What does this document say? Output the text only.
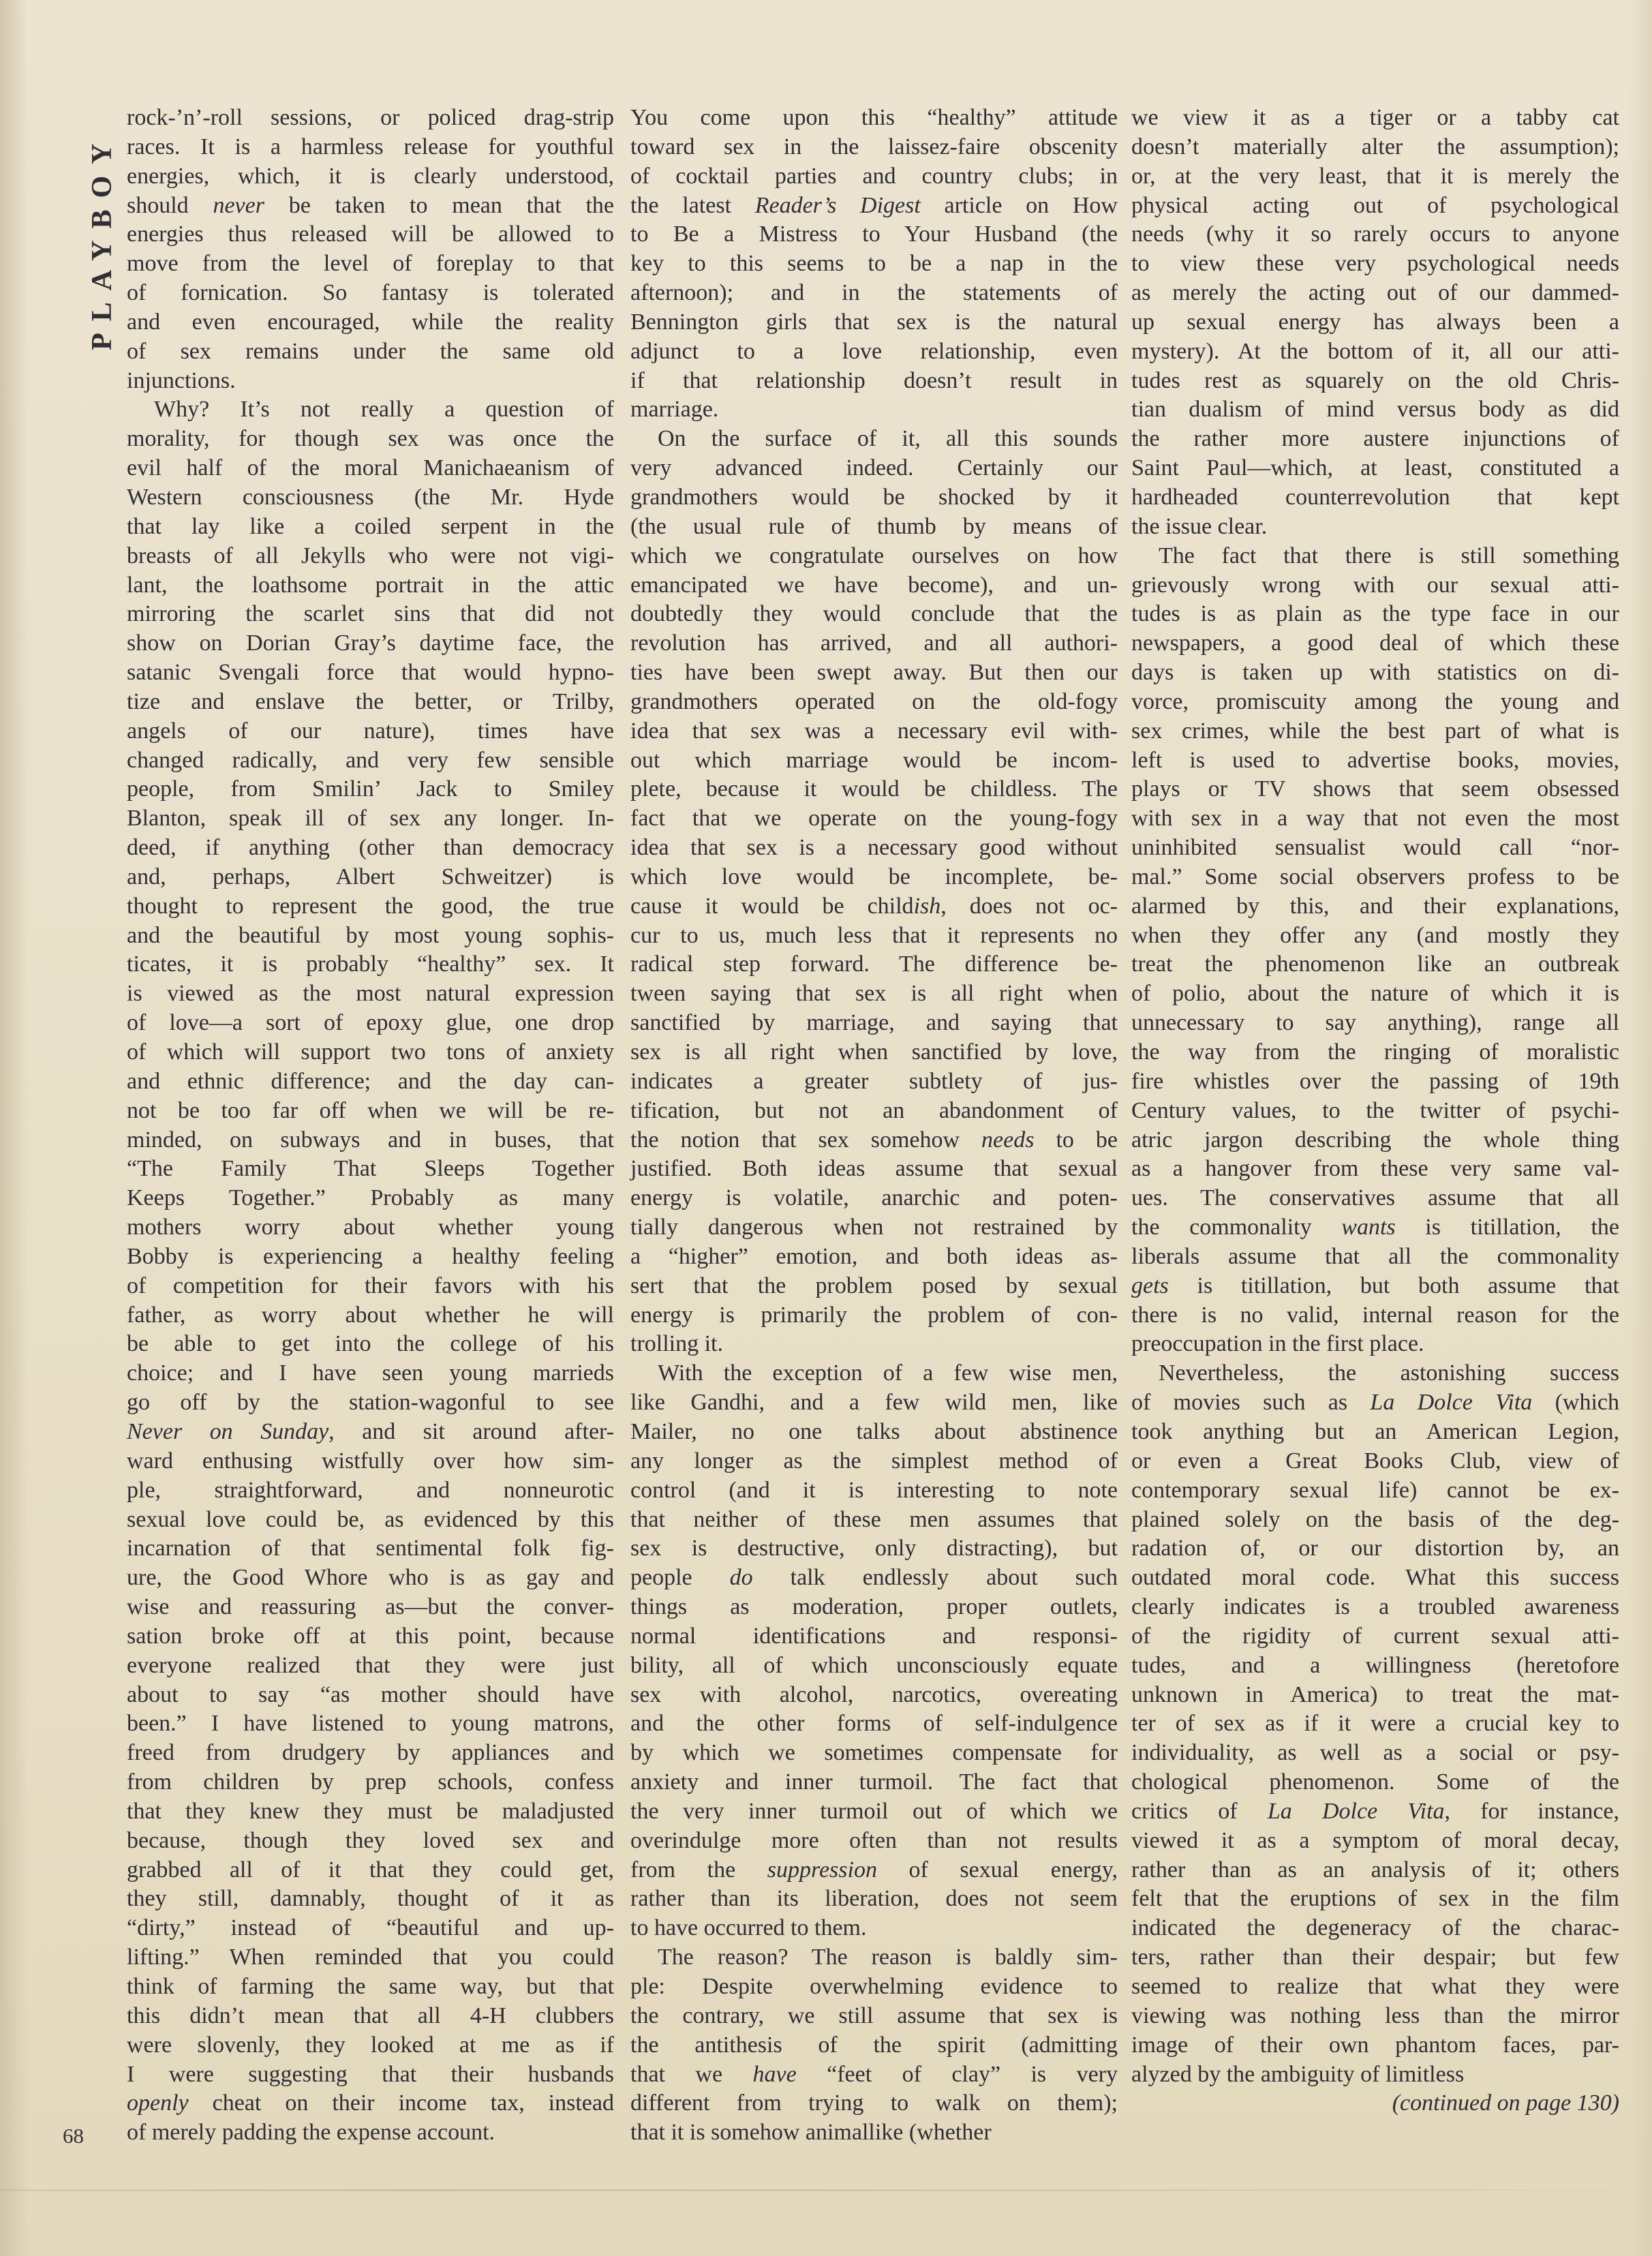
PLAYBOY
rock-’n’-roll sessions, or policed drag-strip
races. It is a harmless release for youthful
energies, which, it is clearly understood,
should never be taken to mean that the
energies thus released will be allowed to
move from the level of foreplay to that
of fornication. So fantasy is tolerated
and even encouraged, while the reality
of sex remains under the same old
injunctions.
Why? It’s not really a question of
morality, for though sex was once the
evil half of the moral Manichaeanism of
Western consciousness (the Mr. Hyde
that lay like a coiled serpent in the
breasts of all Jekylls who were not vigi-
lant, the loathsome portrait in the attic
mirroring the scarlet sins that did not
show on Dorian Gray’s daytime face, the
satanic Svengali force that would hypno-
tize and enslave the better, or Trilby,
angels of our nature), times have
changed radically, and very few sensible
people, from Smilin’ Jack to Smiley
Blanton, speak ill of sex any longer. In-
deed, if anything (other than democracy
and, perhaps, Albert Schweitzer) is
thought to represent the good, the true
and the beautiful by most young sophis-
ticates, it is probably “healthy” sex. It
is viewed as the most natural expression
of love—a sort of epoxy glue, one drop
of which will support two tons of anxiety
and ethnic difference; and the day can-
not be too far off when we will be re-
minded, on subways and in buses, that
“The Family That Sleeps Together
Keeps Together.” Probably as many
mothers worry about whether young
Bobby is experiencing a healthy feeling
of competition for their favors with his
father, as worry about whether he will
be able to get into the college of his
choice; and I have seen young marrieds
go off by the station-wagonful to see
Never on Sunday, and sit around after-
ward enthusing wistfully over how sim-
ple, straightforward, and nonneurotic
sexual love could be, as evidenced by this
incarnation of that sentimental folk fig-
ure, the Good Whore who is as gay and
wise and reassuring as—but the conver-
sation broke off at this point, because
everyone realized that they were just
about to say “as mother should have
been.” I have listened to young matrons,
freed from drudgery by appliances and
from children by prep schools, confess
that they knew they must be maladjusted
because, though they loved sex and
grabbed all of it that they could get,
they still, damnably, thought of it as
“dirty,” instead of “beautiful and up-
lifting.” When reminded that you could
think of farming the same way, but that
this didn’t mean that all 4-H clubbers
were slovenly, they looked at me as if
I were suggesting that their husbands
openly cheat on their income tax, instead
of merely padding the expense account.
You come upon this “healthy” attitude
toward sex in the laissez-faire obscenity
of cocktail parties and country clubs; in
the latest Reader’s Digest article on How
to Be a Mistress to Your Husband (the
key to this seems to be a nap in the
afternoon); and in the statements of
Bennington girls that sex is the natural
adjunct to a love relationship, even
if that relationship doesn’t result in
marriage.
On the surface of it, all this sounds
very advanced indeed. Certainly our
grandmothers would be shocked by it
(the usual rule of thumb by means of
which we congratulate ourselves on how
emancipated we have become), and un-
doubtedly they would conclude that the
revolution has arrived, and all authori-
ties have been swept away. But then our
grandmothers operated on the old-fogy
idea that sex was a necessary evil with-
out which marriage would be incom-
plete, because it would be childless. The
fact that we operate on the young-fogy
idea that sex is a necessary good without
which love would be incomplete, be-
cause it would be childish, does not oc-
cur to us, much less that it represents no
radical step forward. The difference be-
tween saying that sex is all right when
sanctified by marriage, and saying that
sex is all right when sanctified by love,
indicates a greater subtlety of jus-
tification, but not an abandonment of
the notion that sex somehow needs to be
justified. Both ideas assume that sexual
energy is volatile, anarchic and poten-
tially dangerous when not restrained by
a “higher” emotion, and both ideas as-
sert that the problem posed by sexual
energy is primarily the problem of con-
trolling it.
With the exception of a few wise men,
like Gandhi, and a few wild men, like
Mailer, no one talks about abstinence
any longer as the simplest method of
control (and it is interesting to note
that neither of these men assumes that
sex is destructive, only distracting), but
people do talk endlessly about such
things as moderation, proper outlets,
normal identifications and responsi-
bility, all of which unconsciously equate
sex with alcohol, narcotics, overeating
and the other forms of self-indulgence
by which we sometimes compensate for
anxiety and inner turmoil. The fact that
the very inner turmoil out of which we
overindulge more often than not results
from the suppression of sexual energy,
rather than its liberation, does not seem
to have occurred to them.
The reason? The reason is baldly sim-
ple: Despite overwhelming evidence to
the contrary, we still assume that sex is
the antithesis of the spirit (admitting
that we have “feet of clay” is very
different from trying to walk on them);
that it is somehow animallike (whether
we view it as a tiger or a tabby cat
doesn’t materially alter the assumption);
or, at the very least, that it is merely the
physical acting out of psychological
needs (why it so rarely occurs to anyone
to view these very psychological needs
as merely the acting out of our dammed-
up sexual energy has always been a
mystery). At the bottom of it, all our atti-
tudes rest as squarely on the old Chris-
tian dualism of mind versus body as did
the rather more austere injunctions of
Saint Paul—which, at least, constituted a
hardheaded counterrevolution that kept
the issue clear.
The fact that there is still something
grievously wrong with our sexual atti-
tudes is as plain as the type face in our
newspapers, a good deal of which these
days is taken up with statistics on di-
vorce, promiscuity among the young and
sex crimes, while the best part of what is
left is used to advertise books, movies,
plays or TV shows that seem obsessed
with sex in a way that not even the most
uninhibited sensualist would call “nor-
mal.” Some social observers profess to be
alarmed by this, and their explanations,
when they offer any (and mostly they
treat the phenomenon like an outbreak
of polio, about the nature of which it is
unnecessary to say anything), range all
the way from the ringing of moralistic
fire whistles over the passing of 19th
Century values, to the twitter of psychi-
atric jargon describing the whole thing
as a hangover from these very same val-
ues. The conservatives assume that all
the commonality wants is titillation, the
liberals assume that all the commonality
gets is titillation, but both assume that
there is no valid, internal reason for the
preoccupation in the first place.
Nevertheless, the astonishing success
of movies such as La Dolce Vita (which
took anything but an American Legion,
or even a Great Books Club, view of
contemporary sexual life) cannot be ex-
plained solely on the basis of the deg-
radation of, or our distortion by, an
outdated moral code. What this success
clearly indicates is a troubled awareness
of the rigidity of current sexual atti-
tudes, and a willingness (heretofore
unknown in America) to treat the mat-
ter of sex as if it were a crucial key to
individuality, as well as a social or psy-
chological phenomenon. Some of the
critics of La Dolce Vita, for instance,
viewed it as a symptom of moral decay,
rather than as an analysis of it; others
felt that the eruptions of sex in the film
indicated the degeneracy of the charac-
ters, rather than their despair; but few
seemed to realize that what they were
viewing was nothing less than the mirror
image of their own phantom faces, par-
alyzed by the ambiguity of limitless
(continued on page 130)
68
